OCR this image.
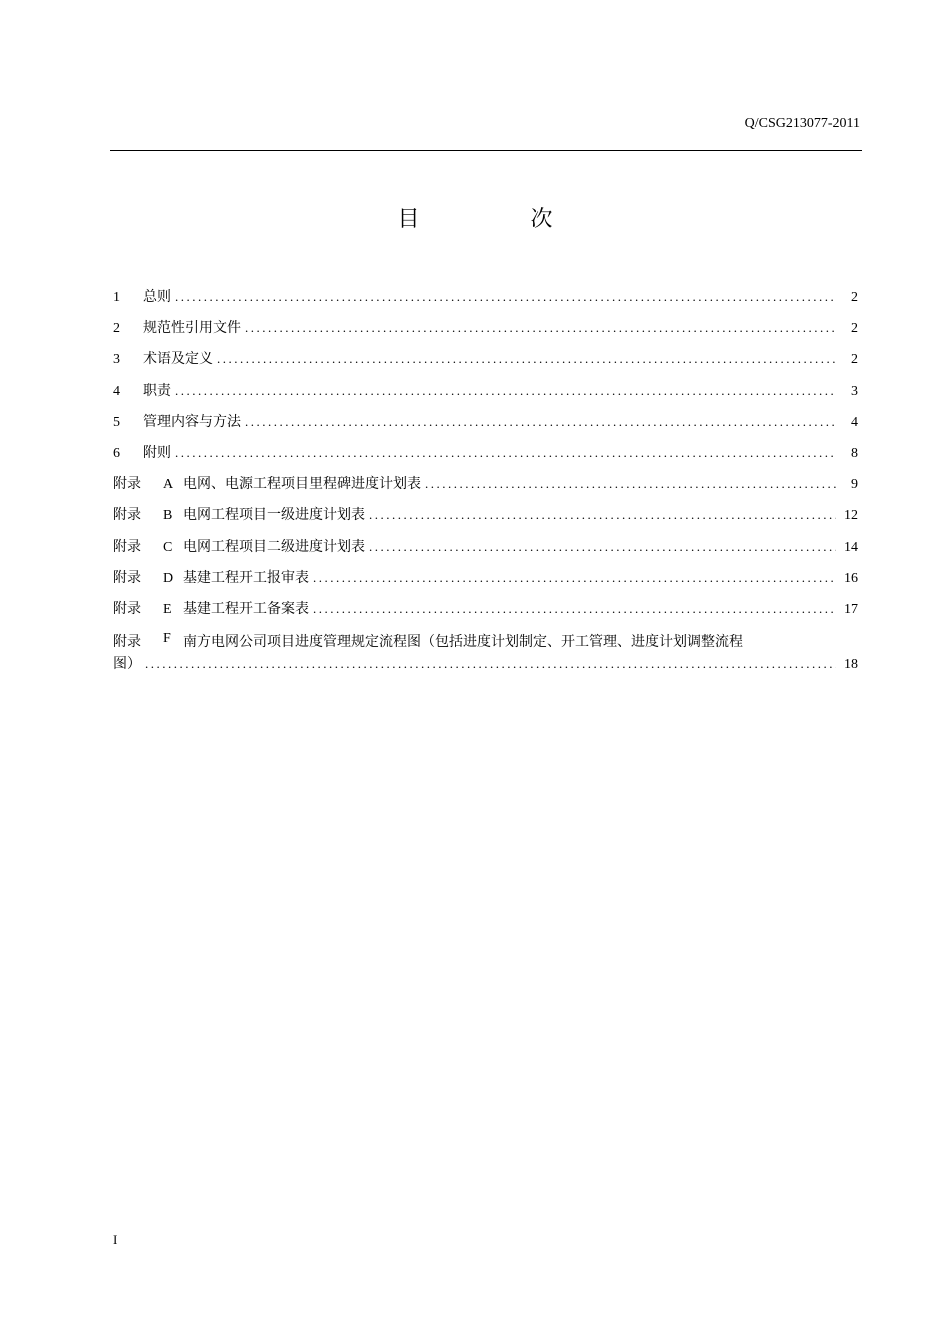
Q/CSG213077-2011
目 次
1	总则 .....	2
2	规范性引用文件 .....	2
3	术语及定义 .....	2
4	职责 .....	3
5	管理内容与方法 .....	4
6	附则 .....	8
附录	A 电网、电源工程项目里程碑进度计划表 .....	9
附录	B 电网工程项目一级进度计划表 .....	12
附录	C 电网工程项目二级进度计划表 .....	14
附录	D 基建工程开工报审表 .....	16
附录	E 基建工程开工备案表 .....	17
附录	F 南方电网公司项目进度管理规定流程图（包括进度计划制定、开工管理、进度计划调整流程
图） .....	18
I
